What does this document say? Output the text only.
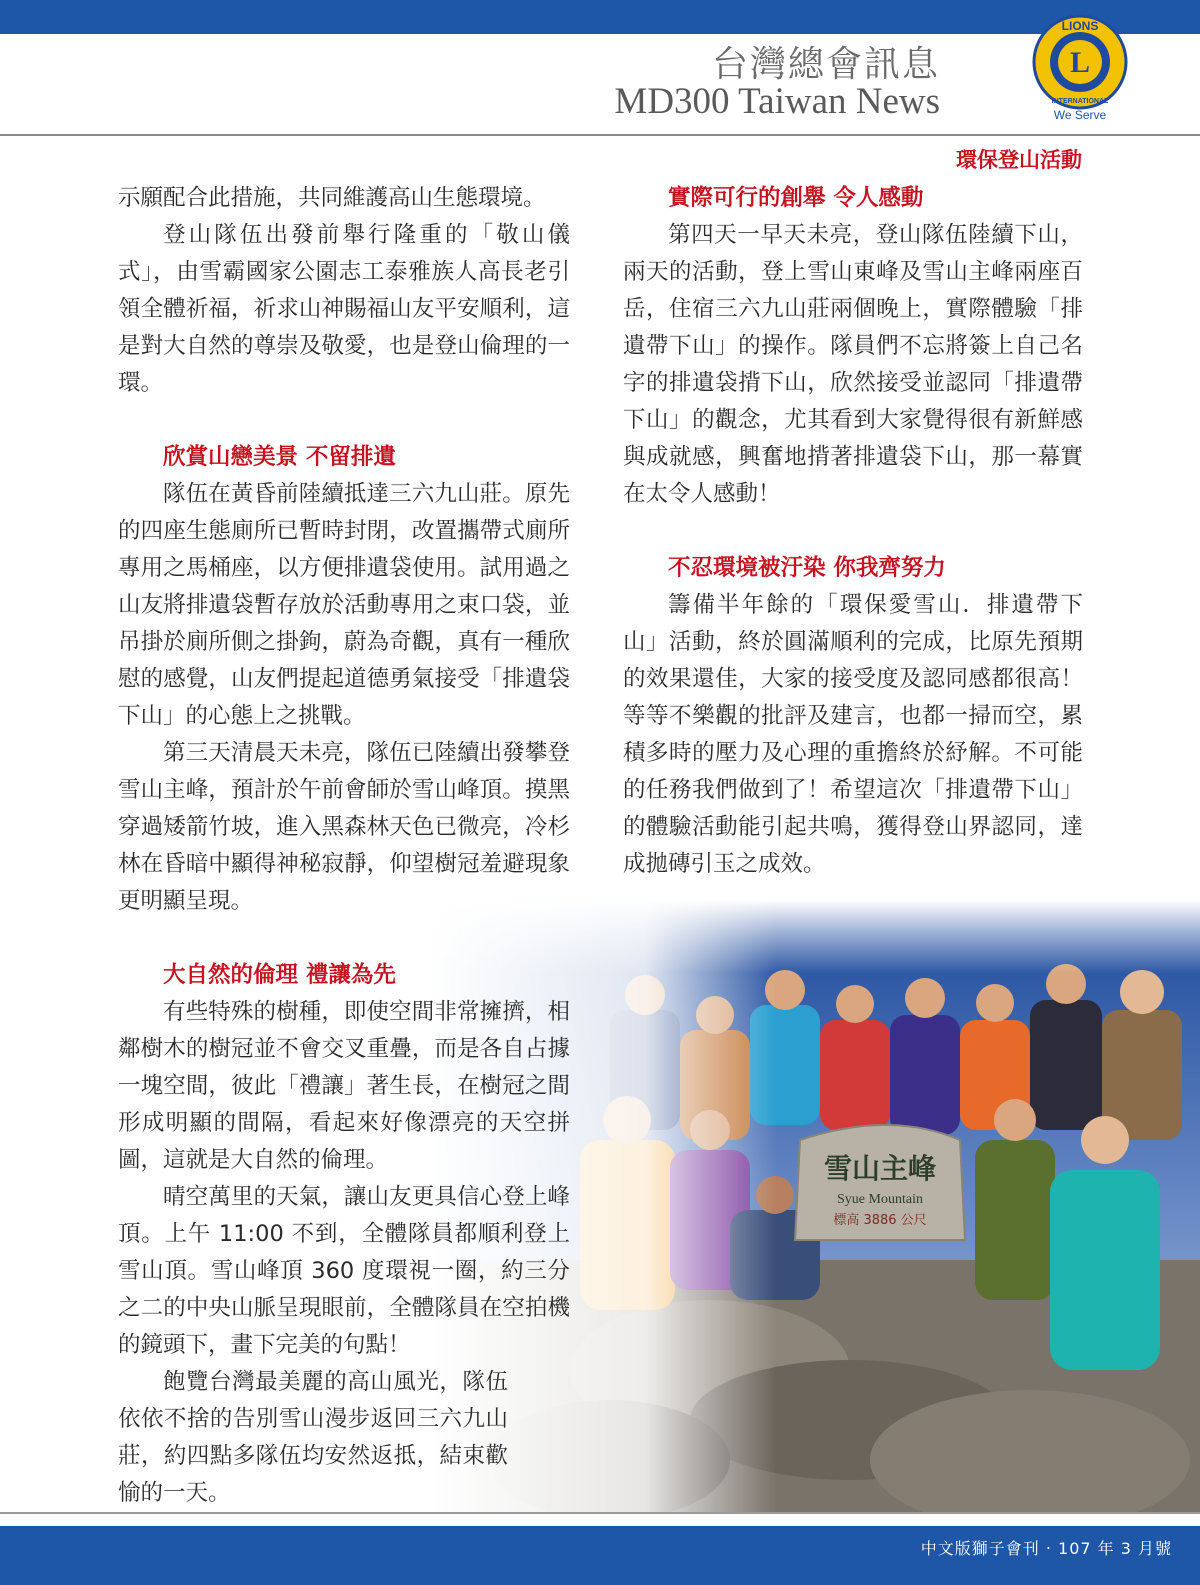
台灣總會訊息
MD300 Taiwan News
LIONS
L
INTERNATIONAL
We Serve
環保登山活動

示願配合此措施，共同維護高山生態環境。

登山隊伍出發前舉行隆重的「敬山儀式」，由雪霸國家公園志工泰雅族人高長老引領全體祈福，祈求山神賜福山友平安順利，這是對大自然的尊崇及敬愛，也是登山倫理的一環。

欣賞山戀美景 不留排遺

隊伍在黃昏前陸續抵達三六九山莊。原先的四座生態廁所已暫時封閉，改置攜帶式廁所專用之馬桶座，以方便排遺袋使用。試用過之山友將排遺袋暫存放於活動專用之束口袋，並吊掛於廁所側之掛鉤，蔚為奇觀，真有一種欣慰的感覺，山友們提起道德勇氣接受「排遺袋下山」的心態上之挑戰。

第三天清晨天未亮，隊伍已陸續出發攀登雪山主峰，預計於午前會師於雪山峰頂。摸黑穿過矮箭竹坡，進入黑森林天色已微亮，冷杉林在昏暗中顯得神秘寂靜，仰望樹冠羞避現象更明顯呈現。

大自然的倫理 禮讓為先

有些特殊的樹種，即使空間非常擁擠，相鄰樹木的樹冠並不會交叉重疊，而是各自占據一塊空間，彼此「禮讓」著生長，在樹冠之間形成明顯的間隔，看起來好像漂亮的天空拼圖，這就是大自然的倫理。

晴空萬里的天氣，讓山友更具信心登上峰頂。上午 11:00 不到，全體隊員都順利登上雪山頂。雪山峰頂 360 度環視一圈，約三分之二的中央山脈呈現眼前，全體隊員在空拍機的鏡頭下，畫下完美的句點！

飽覽台灣最美麗的高山風光，隊伍依依不捨的告別雪山漫步返回三六九山莊，約四點多隊伍均安然返抵，結束歡愉的一天。

實際可行的創舉 令人感動

第四天一早天未亮，登山隊伍陸續下山，兩天的活動，登上雪山東峰及雪山主峰兩座百岳，住宿三六九山莊兩個晚上，實際體驗「排遺帶下山」的操作。隊員們不忘將簽上自己名字的排遺袋揹下山，欣然接受並認同「排遺帶下山」的觀念，尤其看到大家覺得很有新鮮感與成就感，興奮地揹著排遺袋下山，那一幕實在太令人感動！

不忍環境被汙染 你我齊努力

籌備半年餘的「環保愛雪山．排遺帶下山」活動，終於圓滿順利的完成，比原先預期的效果還佳，大家的接受度及認同感都很高！等等不樂觀的批評及建言，也都一掃而空，累積多時的壓力及心理的重擔終於紓解。不可能的任務我們做到了！希望這次「排遺帶下山」的體驗活動能引起共鳴，獲得登山界認同，達成拋磚引玉之成效。

中文版獅子會刊 ‧ 107 年 3 月號
